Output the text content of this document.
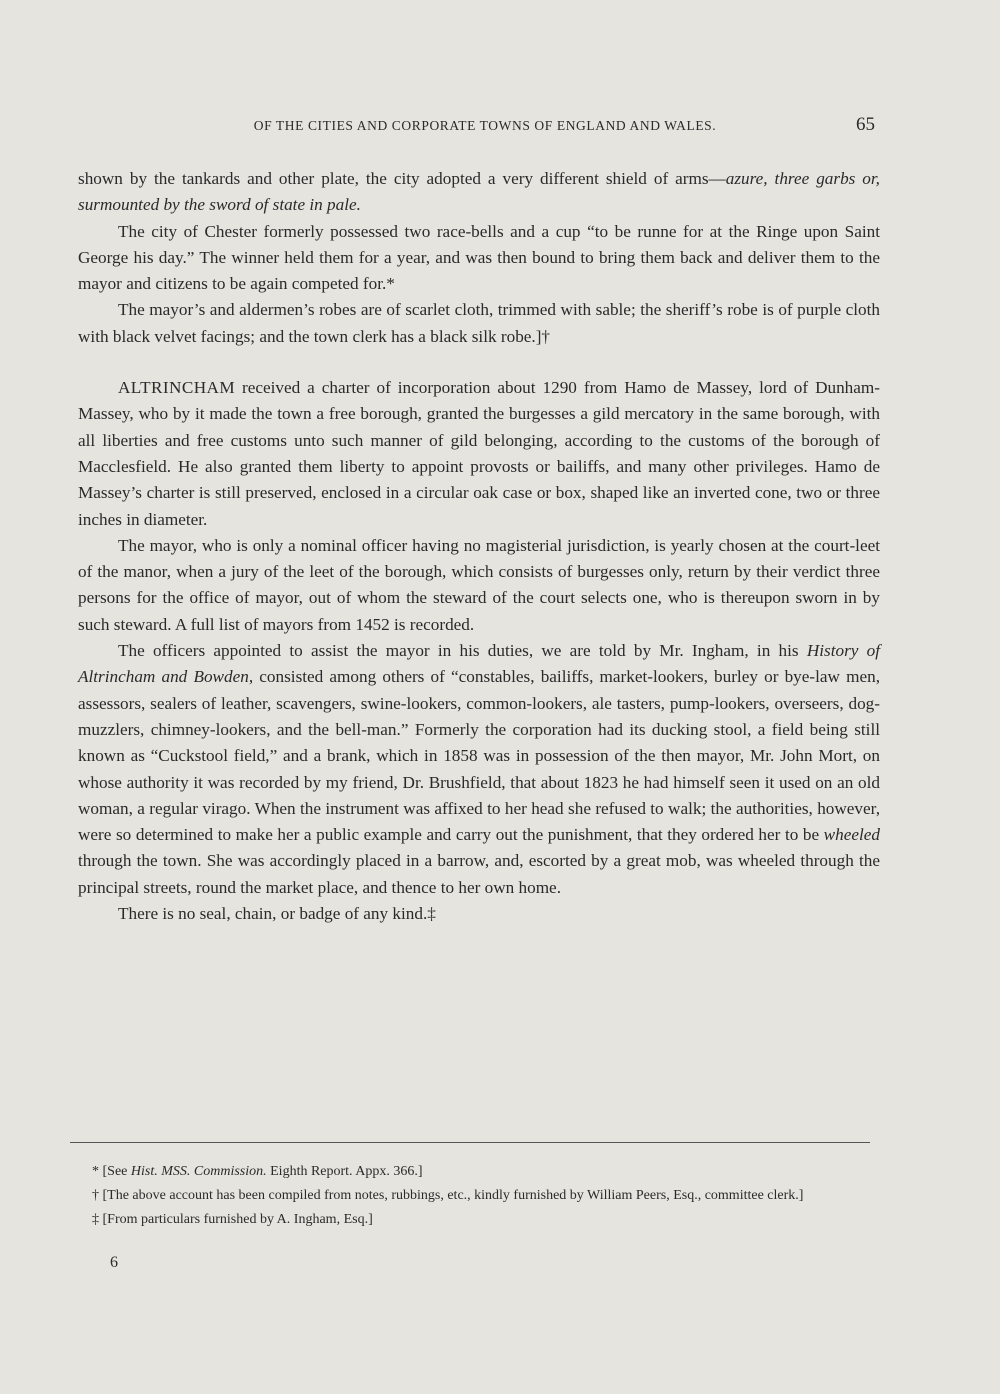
OF THE CITIES AND CORPORATE TOWNS OF ENGLAND AND WALES.	65

shown by the tankards and other plate, the city adopted a very different shield of arms—azure, three garbs or, surmounted by the sword of state in pale.

The city of Chester formerly possessed two race-bells and a cup “to be runne for at the Ringe upon Saint George his day.” The winner held them for a year, and was then bound to bring them back and deliver them to the mayor and citizens to be again competed for.*

The mayor’s and aldermen’s robes are of scarlet cloth, trimmed with sable; the sheriff’s robe is of purple cloth with black velvet facings; and the town clerk has a black silk robe.]†

ALTRINCHAM received a charter of incorporation about 1290 from Hamo de Massey, lord of Dunham-Massey, who by it made the town a free borough, granted the burgesses a gild mercatory in the same borough, with all liberties and free customs unto such manner of gild belonging, according to the customs of the borough of Macclesfield. He also granted them liberty to appoint provosts or bailiffs, and many other privileges. Hamo de Massey’s charter is still preserved, enclosed in a circular oak case or box, shaped like an inverted cone, two or three inches in diameter.

The mayor, who is only a nominal officer having no magisterial jurisdiction, is yearly chosen at the court-leet of the manor, when a jury of the leet of the borough, which consists of burgesses only, return by their verdict three persons for the office of mayor, out of whom the steward of the court selects one, who is thereupon sworn in by such steward. A full list of mayors from 1452 is recorded.

The officers appointed to assist the mayor in his duties, we are told by Mr. Ingham, in his History of Altrincham and Bowden, consisted among others of “constables, bailiffs, market-lookers, burley or bye-law men, assessors, sealers of leather, scavengers, swine-lookers, common-lookers, ale tasters, pump-lookers, overseers, dog-muzzlers, chimney-lookers, and the bell-man.” Formerly the corporation had its ducking stool, a field being still known as “Cuckstool field,” and a brank, which in 1858 was in possession of the then mayor, Mr. John Mort, on whose authority it was recorded by my friend, Dr. Brushfield, that about 1823 he had himself seen it used on an old woman, a regular virago. When the instrument was affixed to her head she refused to walk; the authorities, however, were so determined to make her a public example and carry out the punishment, that they ordered her to be wheeled through the town. She was accordingly placed in a barrow, and, escorted by a great mob, was wheeled through the principal streets, round the market place, and thence to her own home.

There is no seal, chain, or badge of any kind.‡

* [See Hist. MSS. Commission. Eighth Report. Appx. 366.]

† [The above account has been compiled from notes, rubbings, etc., kindly furnished by William Peers, Esq., committee clerk.]

‡ [From particulars furnished by A. Ingham, Esq.]

6
